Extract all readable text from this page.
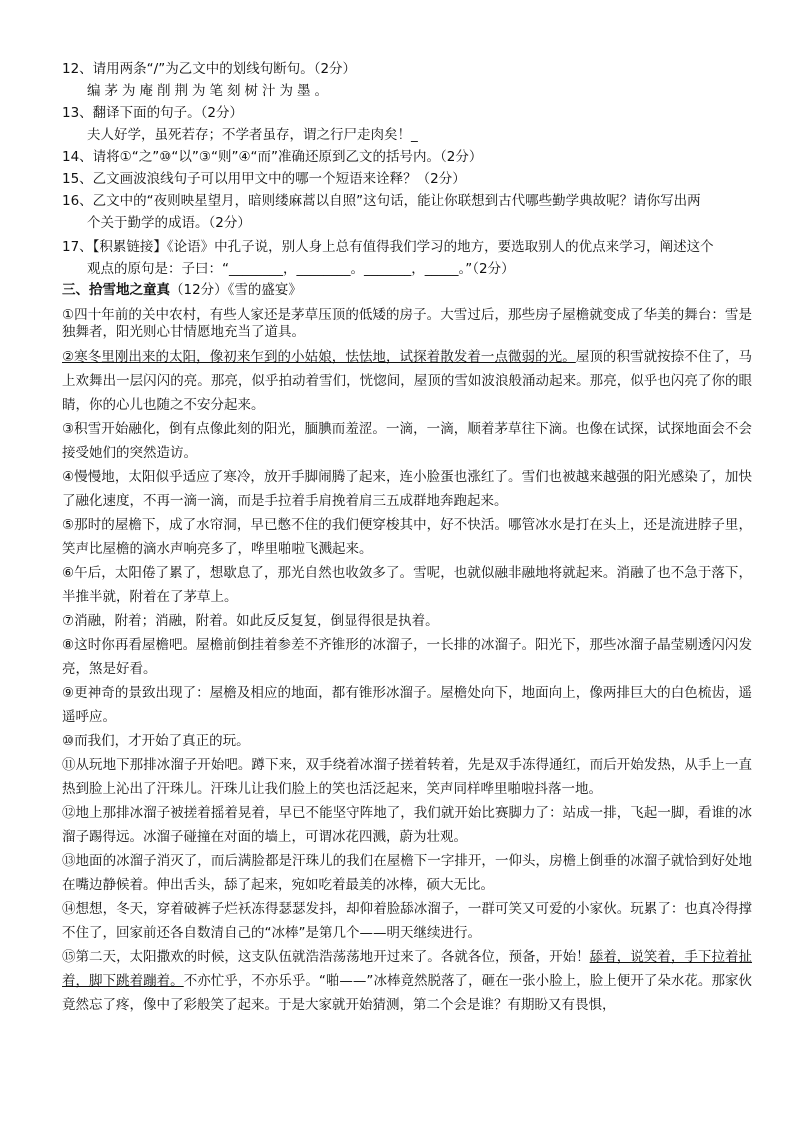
12、请用两条“/”为乙文中的划线句断句。（2分）
编茅为庵削荆为笔刻树汁为墨。
13、翻译下面的句子。（2分）
夫人好学，虽死若存；不学者虽存，谓之行尸走肉矣！_
14、请将①“之”⑩“以”③“则”④“而”准确还原到乙文的括号内。（2分）
15、乙文画波浪线句子可以用甲文中的哪一个短语来诠释？（2分）
16、乙文中的“夜则映星望月，暗则缕麻蒿以自照”这句话，能让你联想到古代哪些勤学典故呢？请你写出两
个关于勤学的成语。（2分）
17、【积累链接】《论语》中孔子说，别人身上总有值得我们学习的地方，要选取别人的优点来学习，阐述这个
观点的原句是：子曰：“________，________。_______，_____。”（2分）
三、拾雪地之童真（12分）《雪的盛宴》

①四十年前的关中农村，有些人家还是茅草压顶的低矮的房子。大雪过后，那些房子屋檐就变成了华美的舞台：雪是独舞者，阳光则心甘情愿地充当了道具。

②寒冬里刚出来的太阳，像初来乍到的小姑娘，怯怯地，试探着散发着一点微弱的光。屋顶的积雪就按捺不住了，马上欢舞出一层闪闪的亮。那亮，似乎拍动着雪们，恍惚间，屋顶的雪如波浪般涌动起来。那亮，似乎也闪亮了你的眼睛，你的心儿也随之不安分起来。

③积雪开始融化，倒有点像此刻的阳光，腼腆而羞涩。一滴，一滴，顺着茅草往下滴。也像在试探，试探地面会不会接受她们的突然造访。

④慢慢地，太阳似乎适应了寒冷，放开手脚闹腾了起来，连小脸蛋也涨红了。雪们也被越来越强的阳光感染了，加快了融化速度，不再一滴一滴，而是手拉着手肩挽着肩三五成群地奔跑起来。

⑤那时的屋檐下，成了水帘洞，早已憋不住的我们便穿梭其中，好不快活。哪管冰水是打在头上，还是流进脖子里，笑声比屋檐的滴水声响亮多了，哗里啪啦飞溅起来。

⑥午后，太阳倦了累了，想歇息了，那光自然也收敛多了。雪呢，也就似融非融地将就起来。消融了也不急于落下，半推半就，附着在了茅草上。

⑦消融，附着；消融，附着。如此反反复复，倒显得很是执着。

⑧这时你再看屋檐吧。屋檐前倒挂着参差不齐锥形的冰溜子，一长排的冰溜子。阳光下，那些冰溜子晶莹剔透闪闪发亮，煞是好看。

⑨更神奇的景致出现了：屋檐及相应的地面，都有锥形冰溜子。屋檐处向下，地面向上，像两排巨大的白色梳齿，遥遥呼应。

⑩而我们，才开始了真正的玩。

⑪从玩地下那排冰溜子开始吧。蹲下来，双手绕着冰溜子搓着转着，先是双手冻得通红，而后开始发热，从手上一直热到脸上沁出了汗珠儿。汗珠儿让我们脸上的笑也活泛起来，笑声同样哗里啪啦抖落一地。

⑫地上那排冰溜子被搓着摇着晃着，早已不能坚守阵地了，我们就开始比赛脚力了：站成一排，飞起一脚，看谁的冰溜子踢得远。冰溜子碰撞在对面的墙上，可谓冰花四溅，蔚为壮观。

⑬地面的冰溜子消灭了，而后满脸都是汗珠儿的我们在屋檐下一字排开，一仰头，房檐上倒垂的冰溜子就恰到好处地在嘴边静候着。伸出舌头，舔了起来，宛如吃着最美的冰棒，硕大无比。

⑭想想，冬天，穿着破裤子烂袄冻得瑟瑟发抖，却仰着脸舔冰溜子，一群可笑又可爱的小家伙。玩累了：也真冷得撑不住了，回家前还各自数清自己的“冰棒”是第几个——明天继续进行。

⑮第二天，太阳撒欢的时候，这支队伍就浩浩荡荡地开过来了。各就各位，预备，开始！舔着，说笑着，手下拉着扯着，脚下跳着蹦着。不亦忙乎，不亦乐乎。“啪——”冰棒竟然脱落了，砸在一张小脸上，脸上便开了朵水花。那家伙竟然忘了疼，像中了彩般笑了起来。于是大家就开始猜测，第二个会是谁？有期盼又有畏惧，
